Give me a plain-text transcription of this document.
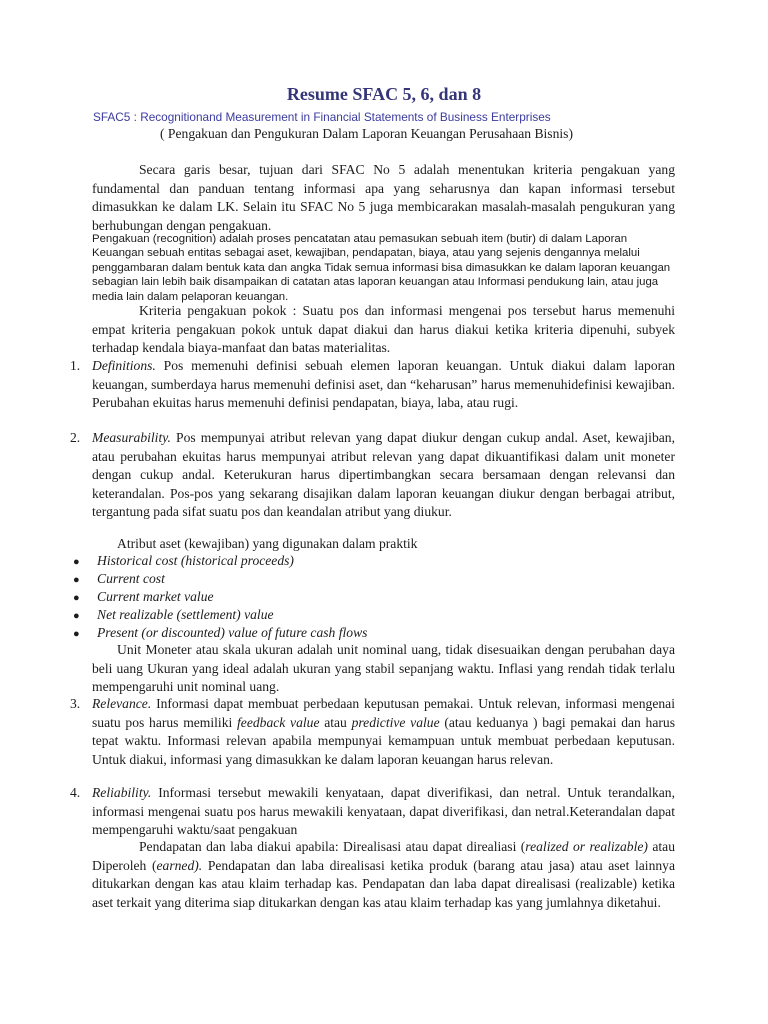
Resume SFAC 5, 6, dan 8

SFAC5 : Recognitionand Measurement in Financial Statements of Business Enterprises

( Pengakuan dan Pengukuran Dalam Laporan Keuangan Perusahaan Bisnis)

Secara garis besar, tujuan dari SFAC No 5 adalah menentukan kriteria pengakuan yang fundamental dan panduan tentang informasi apa yang seharusnya dan kapan informasi tersebut dimasukkan ke dalam LK. Selain itu SFAC No 5 juga membicarakan masalah-masalah pengukuran yang berhubungan dengan pengakuan.

Pengakuan (recognition) adalah proses pencatatan atau pemasukan sebuah item (butir) di dalam Laporan Keuangan sebuah entitas sebagai aset, kewajiban, pendapatan, biaya, atau yang sejenis dengannya melalui penggambaran dalam bentuk kata dan angka Tidak semua informasi bisa dimasukkan ke dalam laporan keuangan sebagian lain lebih baik disampaikan di catatan atas laporan keuangan atau Informasi pendukung lain, atau juga media lain dalam pelaporan keuangan.

Kriteria pengakuan pokok : Suatu pos dan informasi mengenai pos tersebut harus memenuhi empat kriteria pengakuan pokok untuk dapat diakui dan harus diakui ketika kriteria dipenuhi, subyek terhadap kendala biaya-manfaat dan batas materialitas.

1. Definitions. Pos memenuhi definisi sebuah elemen laporan keuangan. Untuk diakui dalam laporan keuangan, sumberdaya harus memenuhi definisi aset, dan “keharusan” harus memenuhidefinisi kewajiban. Perubahan ekuitas harus memenuhi definisi pendapatan, biaya, laba, atau rugi.

2. Measurability. Pos mempunyai atribut relevan yang dapat diukur dengan cukup andal. Aset, kewajiban, atau perubahan ekuitas harus mempunyai atribut relevan yang dapat dikuantifikasi dalam unit moneter dengan cukup andal. Keterukuran harus dipertimbangkan secara bersamaan dengan relevansi dan keterandalan. Pos-pos yang sekarang disajikan dalam laporan keuangan diukur dengan berbagai atribut, tergantung pada sifat suatu pos dan keandalan atribut yang diukur.

Atribut aset (kewajiban) yang digunakan dalam praktik

● Historical cost (historical proceeds)
● Current cost
● Current market value
● Net realizable (settlement) value
● Present (or discounted) value of future cash flows

Unit Moneter atau skala ukuran adalah unit nominal uang, tidak disesuaikan dengan perubahan daya beli uang Ukuran yang ideal adalah ukuran yang stabil sepanjang waktu. Inflasi yang rendah tidak terlalu mempengaruhi unit nominal uang.

3. Relevance. Informasi dapat membuat perbedaan keputusan pemakai. Untuk relevan, informasi mengenai suatu pos harus memiliki feedback value atau predictive value (atau keduanya ) bagi pemakai dan harus tepat waktu. Informasi relevan apabila mempunyai kemampuan untuk membuat perbedaan keputusan. Untuk diakui, informasi yang dimasukkan ke dalam laporan keuangan harus relevan.

4. Reliability. Informasi tersebut mewakili kenyataan, dapat diverifikasi, dan netral. Untuk terandalkan, informasi mengenai suatu pos harus mewakili kenyataan, dapat diverifikasi, dan netral.Keterandalan dapat mempengaruhi waktu/saat pengakuan

Pendapatan dan laba diakui apabila: Direalisasi atau dapat direaliasi (realized or realizable) atau Diperoleh (earned). Pendapatan dan laba direalisasi ketika produk (barang atau jasa) atau aset lainnya ditukarkan dengan kas atau klaim terhadap kas. Pendapatan dan laba dapat direalisasi (realizable) ketika aset terkait yang diterima siap ditukarkan dengan kas atau klaim terhadap kas yang jumlahnya diketahui.
